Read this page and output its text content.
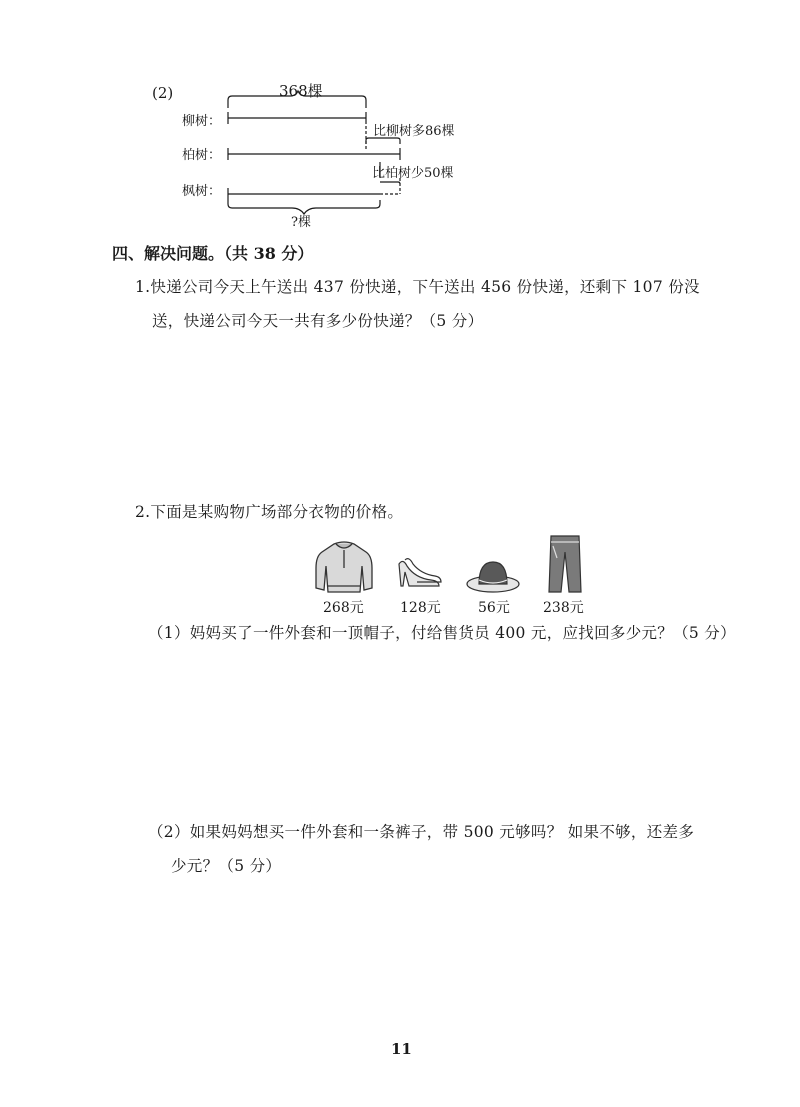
(2)	368棵
柳树：
柏树：
枫树：
比柳树多86棵
比柏树少50棵
?棵
四、解决问题。（共 38 分）
1.快递公司今天上午送出 437 份快递，下午送出 456 份快递，还剩下 107 份没
送，快递公司今天一共有多少份快递？（5 分）
2.下面是某购物广场部分衣物的价格。
268元	128元	56元 238元
（1）妈妈买了一件外套和一顶帽子，付给售货员 400 元，应找回多少元？（5 分）
（2）如果妈妈想买一件外套和一条裤子，带 500 元够吗？ 如果不够，还差多
少元？（5 分）
11
